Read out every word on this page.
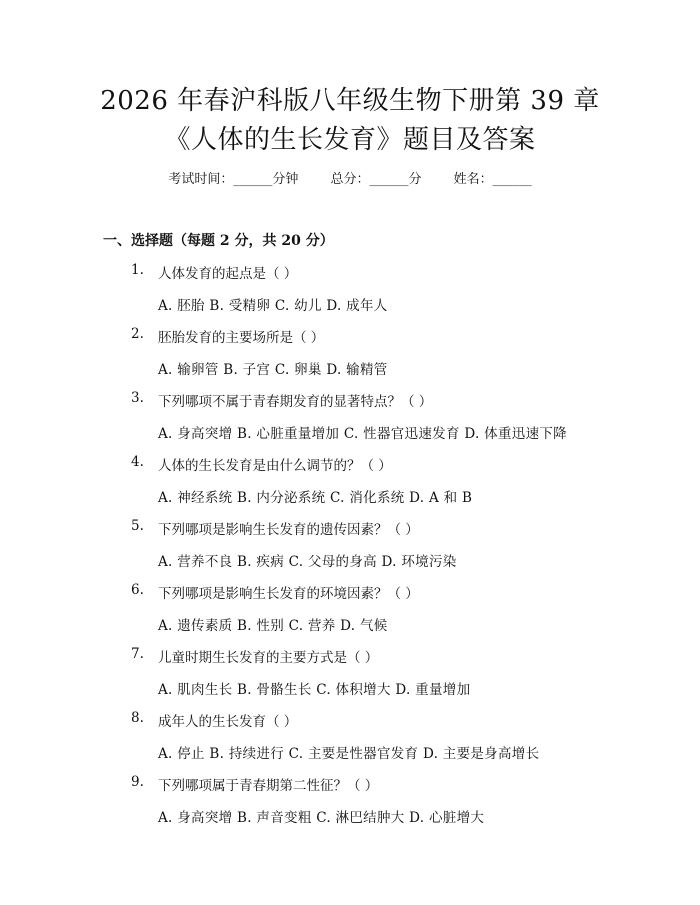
2026 年春沪科版八年级生物下册第 39 章
《人体的生长发育》题目及答案
考试时间：______分钟 总分：______分 姓名：______
一、选择题（每题 2 分，共 20 分）
1. 人体发育的起点是（ ）
A. 胚胎 B. 受精卵 C. 幼儿 D. 成年人
2. 胚胎发育的主要场所是（ ）
A. 输卵管 B. 子宫 C. 卵巢 D. 输精管
3. 下列哪项不属于青春期发育的显著特点？（ ）
A. 身高突增 B. 心脏重量增加 C. 性器官迅速发育 D. 体重迅速下降
4. 人体的生长发育是由什么调节的？（ ）
A. 神经系统 B. 内分泌系统 C. 消化系统 D. A 和 B
5. 下列哪项是影响生长发育的遗传因素？（ ）
A. 营养不良 B. 疾病 C. 父母的身高 D. 环境污染
6. 下列哪项是影响生长发育的环境因素？（ ）
A. 遗传素质 B. 性别 C. 营养 D. 气候
7. 儿童时期生长发育的主要方式是（ ）
A. 肌肉生长 B. 骨骼生长 C. 体积增大 D. 重量增加
8. 成年人的生长发育（ ）
A. 停止 B. 持续进行 C. 主要是性器官发育 D. 主要是身高增长
9. 下列哪项属于青春期第二性征？（ ）
A. 身高突增 B. 声音变粗 C. 淋巴结肿大 D. 心脏增大
